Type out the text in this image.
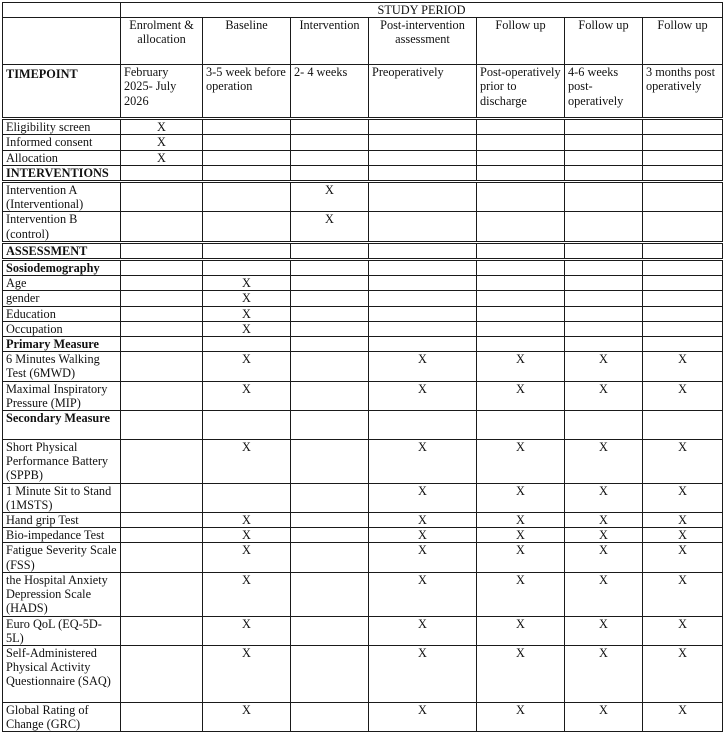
	STUDY PERIOD						
	Enrolment & allocation	Baseline	Intervention	Post-intervention assessment	Follow up	Follow up	Follow up
TIMEPOINT	February 2025- July 2026	3-5 week before operation	2- 4 weeks	Preoperatively	Post-operatively prior to discharge	4-6 weeks post-operatively	3 months post operatively
Eligibility screen	X						
Informed consent	X						
Allocation	X						
INTERVENTIONS							
Intervention A (Interventional)			X				
Intervention B (control)			X				
ASSESSMENT							
Sosiodemography							
Age		X					
gender		X					
Education		X					
Occupation		X					
Primary Measure							
6 Minutes Walking Test (6MWD)		X		X	X	X	X
Maximal Inspiratory Pressure (MIP)		X		X	X	X	X
Secondary Measure							
Short Physical Performance Battery (SPPB)		X		X	X	X	X
1 Minute Sit to Stand (1MSTS)				X	X	X	X
Hand grip Test		X		X	X	X	X
Bio-impedance Test		X		X	X	X	X
Fatigue Severity Scale (FSS)		X		X	X	X	X
the Hospital Anxiety Depression Scale (HADS)		X		X	X	X	X
Euro QoL (EQ-5D-5L)		X		X	X	X	X
Self-Administered Physical Activity Questionnaire (SAQ)		X		X	X	X	X
Global Rating of Change (GRC)		X		X	X	X	X
